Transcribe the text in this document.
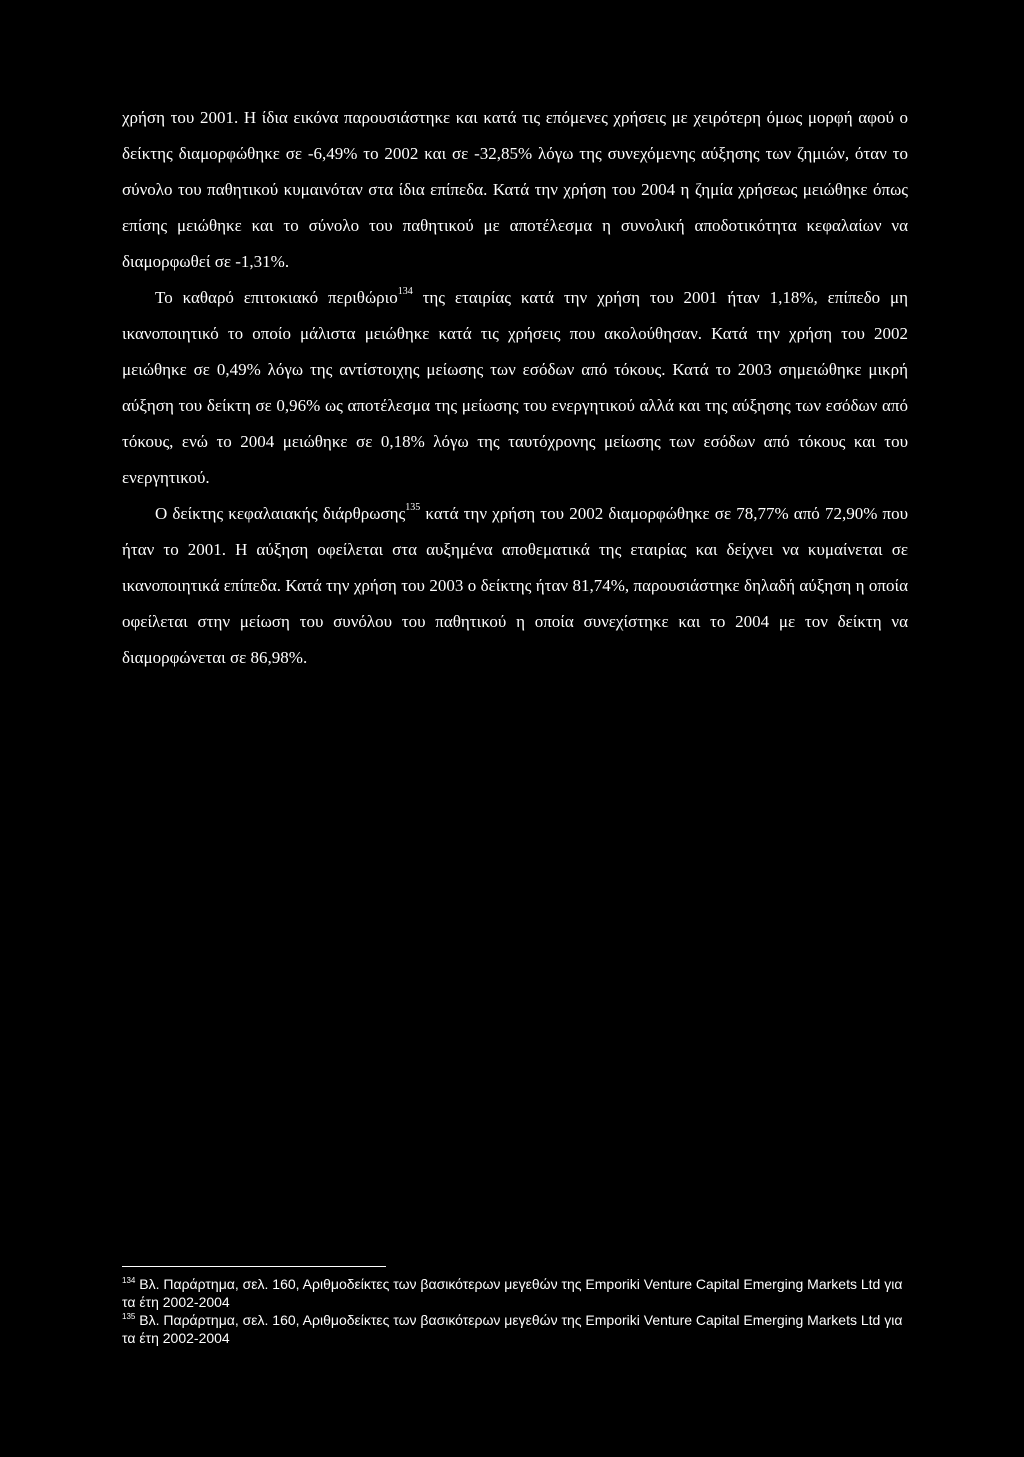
χρήση του 2001. Η ίδια εικόνα παρουσιάστηκε και κατά τις επόμενες χρήσεις με χειρότερη όμως μορφή αφού ο δείκτης διαμορφώθηκε σε -6,49% το 2002 και σε -32,85% λόγω της συνεχόμενης αύξησης των ζημιών, όταν το σύνολο του παθητικού κυμαινόταν στα ίδια επίπεδα. Κατά την χρήση του 2004 η ζημία χρήσεως μειώθηκε όπως επίσης μειώθηκε και το σύνολο του παθητικού με αποτέλεσμα η συνολική αποδοτικότητα κεφαλαίων να διαμορφωθεί σε -1,31%.

Το καθαρό επιτοκιακό περιθώριο$^{134}$ της εταιρίας κατά την χρήση του 2001 ήταν 1,18%, επίπεδο μη ικανοποιητικό το οποίο μάλιστα μειώθηκε κατά τις χρήσεις που ακολούθησαν. Κατά την χρήση του 2002 μειώθηκε σε 0,49% λόγω της αντίστοιχης μείωσης των εσόδων από τόκους. Κατά το 2003 σημειώθηκε μικρή αύξηση του δείκτη σε 0,96% ως αποτέλεσμα της μείωσης του ενεργητικού αλλά και της αύξησης των εσόδων από τόκους, ενώ το 2004 μειώθηκε σε 0,18% λόγω της ταυτόχρονης μείωσης των εσόδων από τόκους και του ενεργητικού.

Ο δείκτης κεφαλαιακής διάρθρωσης$^{135}$ κατά την χρήση του 2002 διαμορφώθηκε σε 78,77% από 72,90% που ήταν το 2001. Η αύξηση οφείλεται στα αυξημένα αποθεματικά της εταιρίας και δείχνει να κυμαίνεται σε ικανοποιητικά επίπεδα. Κατά την χρήση του 2003 ο δείκτης ήταν 81,74%, παρουσιάστηκε δηλαδή αύξηση η οποία οφείλεται στην μείωση του συνόλου του παθητικού η οποία συνεχίστηκε και το 2004 με τον δείκτη να διαμορφώνεται σε 86,98%.

$^{134}$ Βλ. Παράρτημα, σελ. 160, Αριθμοδείκτες των βασικότερων μεγεθών της Emporiki Venture Capital Emerging Markets Ltd για τα έτη 2002-2004

$^{135}$ Βλ. Παράρτημα, σελ. 160, Αριθμοδείκτες των βασικότερων μεγεθών της Emporiki Venture Capital Emerging Markets Ltd για τα έτη 2002-2004
